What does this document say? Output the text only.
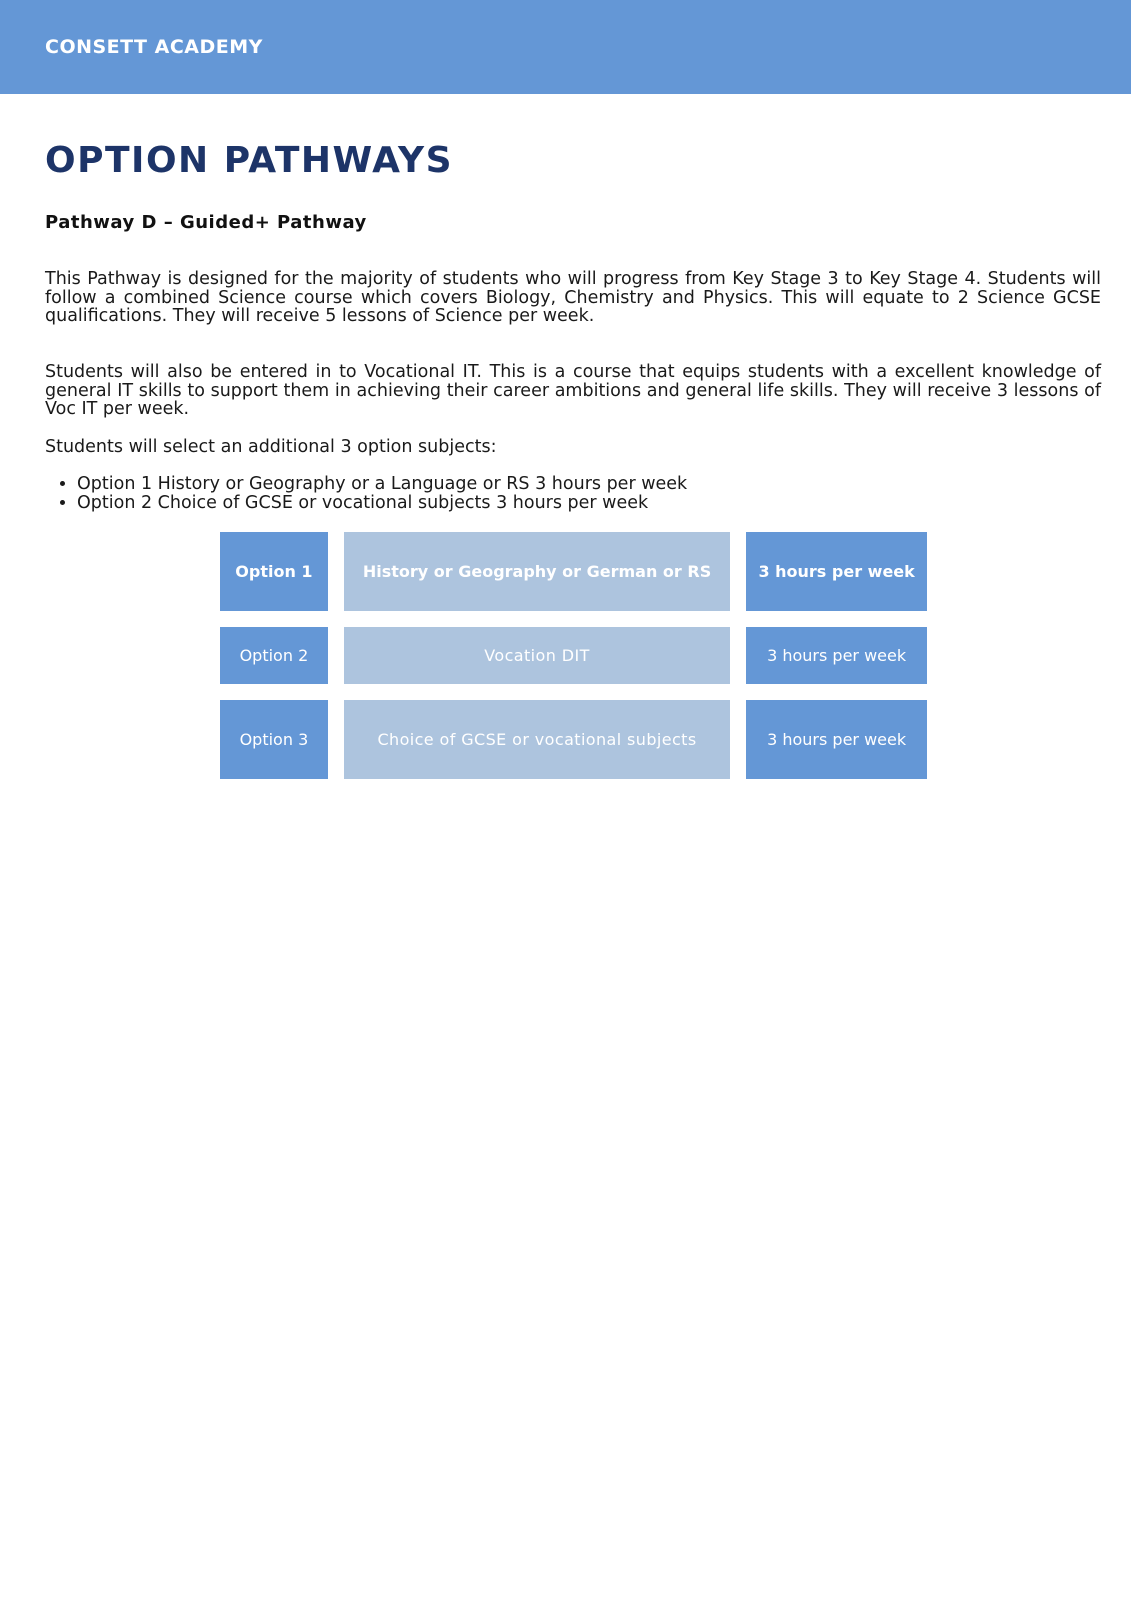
CONSETT ACADEMY
OPTION PATHWAYS
Pathway D – Guided+ Pathway

This Pathway is designed for the majority of students who will progress from Key Stage 3 to Key Stage 4. Students will follow a combined Science course which covers Biology, Chemistry and Physics. This will equate to 2 Science GCSE qualifications. They will receive 5 lessons of Science per week.

Students will also be entered in to Vocational IT. This is a course that equips students with a excellent knowledge of general IT skills to support them in achieving their career ambitions and general life skills. They will receive 3 lessons of Voc IT per week.

Students will select an additional 3 option subjects:

• Option 1 History or Geography or a Language or RS 3 hours per week
• Option 2 Choice of GCSE or vocational subjects 3 hours per week
Option 1	History or Geography or German or RS	3 hours per week
Option 2	Vocation DIT	3 hours per week
Option 3	Choice of GCSE or vocational subjects	3 hours per week
